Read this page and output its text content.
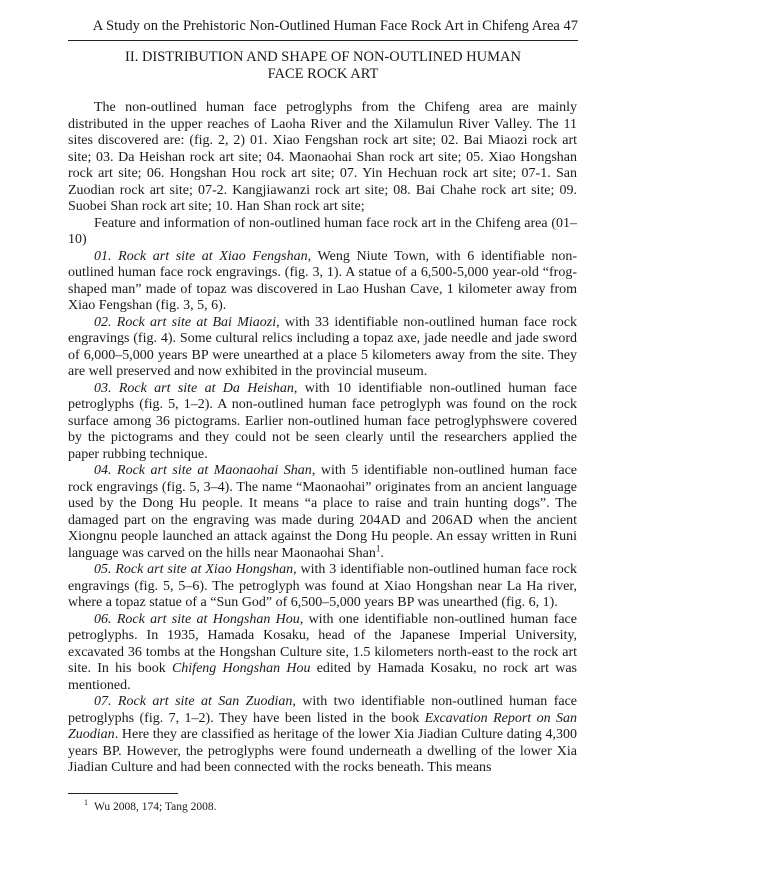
A Study on the Prehistoric Non-Outlined Human Face Rock Art in Chifeng Area 47
II. DISTRIBUTION AND SHAPE OF NON-OUTLINED HUMAN
FACE ROCK ART

The non-outlined human face petroglyphs from the Chifeng area are mainly distributed in the upper reaches of Laoha River and the Xilamulun River Valley. The 11 sites discovered are: (fig. 2, 2) 01. Xiao Fengshan rock art site; 02. Bai Miaozi rock art site; 03. Da Heishan rock art site; 04. Maonaohai Shan rock art site; 05. Xiao Hongshan rock art site; 06. Hongshan Hou rock art site; 07. Yin Hechuan rock art site; 07-1. San Zuodian rock art site; 07-2. Kangjiawanzi rock art site; 08. Bai Chahe rock art site; 09. Suobei Shan rock art site; 10. Han Shan rock art site;

Feature and information of non-outlined human face rock art in the Chifeng area (01–10)

01. Rock art site at Xiao Fengshan, Weng Niute Town, with 6 identifiable non-outlined human face rock engravings. (fig. 3, 1). A statue of a 6,500-5,000 year-old “frog-shaped man” made of topaz was discovered in Lao Hushan Cave, 1 kilometer away from Xiao Fengshan (fig. 3, 5, 6).

02. Rock art site at Bai Miaozi, with 33 identifiable non-outlined human face rock engravings (fig. 4). Some cultural relics including a topaz axe, jade needle and jade sword of 6,000–5,000 years BP were unearthed at a place 5 kilometers away from the site. They are well preserved and now exhibited in the provincial museum.

03. Rock art site at Da Heishan, with 10 identifiable non-outlined human face petroglyphs (fig. 5, 1–2). A non-outlined human face petroglyph was found on the rock surface among 36 pictograms. Earlier non-outlined human face petroglyphswere covered by the pictograms and they could not be seen clearly until the researchers applied the paper rubbing technique.

04. Rock art site at Maonaohai Shan, with 5 identifiable non-outlined human face rock engravings (fig. 5, 3–4). The name “Maonaohai” originates from an ancient language used by the Dong Hu people. It means “a place to raise and train hunting dogs”. The damaged part on the engraving was made during 204AD and 206AD when the ancient Xiongnu people launched an attack against the Dong Hu people. An essay written in Runi language was carved on the hills near Maonaohai Shan$^1$.

05. Rock art site at Xiao Hongshan, with 3 identifiable non-outlined human face rock engravings (fig. 5, 5–6). The petroglyph was found at Xiao Hongshan near La Ha river, where a topaz statue of a “Sun God” of 6,500–5,000 years BP was unearthed (fig. 6, 1).

06. Rock art site at Hongshan Hou, with one identifiable non-outlined human face petroglyphs. In 1935, Hamada Kosaku, head of the Japanese Imperial University, excavated 36 tombs at the Hongshan Culture site, 1.5 kilometers north-east to the rock art site. In his book Chifeng Hongshan Hou edited by Hamada Kosaku, no rock art was mentioned.

07. Rock art site at San Zuodian, with two identifiable non-outlined human face petroglyphs (fig. 7, 1–2). They have been listed in the book Excavation Report on San Zuodian. Here they are classified as heritage of the lower Xia Jiadian Culture dating 4,300 years BP. However, the petroglyphs were found underneath a dwelling of the lower Xia Jiadian Culture and had been connected with the rocks beneath. This means

$^1$ Wu 2008, 174; Tang 2008.
